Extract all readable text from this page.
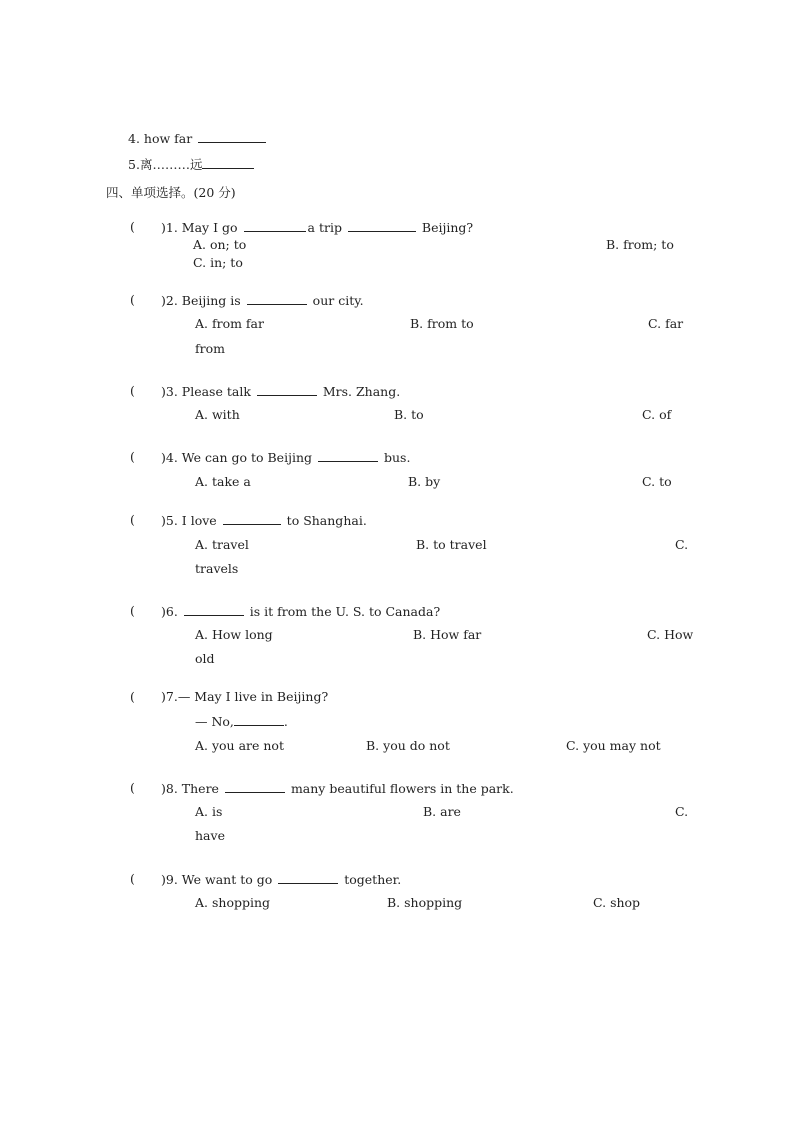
4. how far
5.离………远
四、单项选择。(20 分)
( )1. May I go	a trip	Beijing?
A. on; to	B. from; to
C. in; to
( )2. Beijing is	our city.
A. from far	B. from to	C. far
from
( )3. Please talk	Mrs. Zhang.
A. with	B. to	C. of
( )4. We can go to Beijing	bus.
A. take a	B. by	C. to
( )5. I love	to Shanghai.
A. travel	B. to travel	C.
travels
( )6.	is it from the U. S. to Canada?
A. How long	B. How far	C. How
old
( )7.— May I live in Beijing?
— No,	.
A. you are not	B. you do not	C. you may not
( )8. There	many beautiful flowers in the park.
A. is	B. are	C.
have
( )9. We want to go	together.
A. shopping	B. shopping	C. shop
